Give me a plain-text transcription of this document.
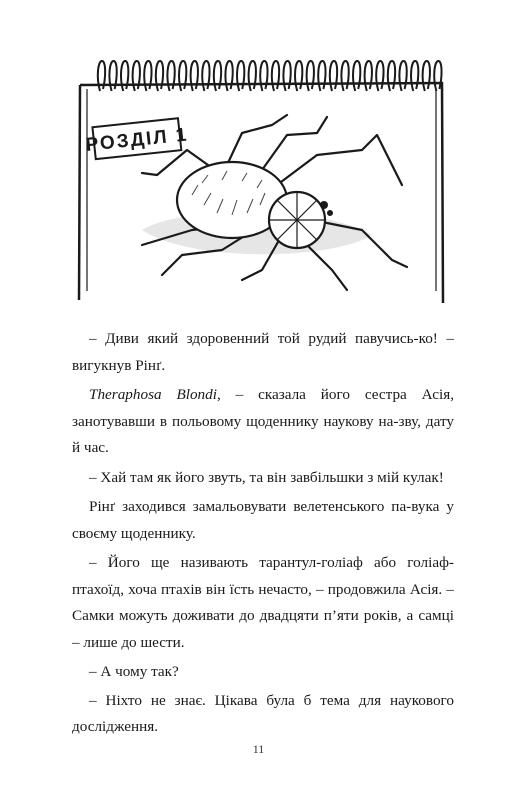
РОЗДІЛ 1

– Диви який здоровенний той рудий павучись-ко! – вигукнув Рінґ.

Theraphosa Blondi, – сказала його сестра Асія, занотувавши в польовому щоденнику наукову на-зву, дату й час.

– Хай там як його звуть, та він завбільшки з мій кулак!

Рінґ заходився замальовувати велетенського па-вука у своєму щоденнику.

– Його ще називають тарантул-голіаф або голіаф-птахоїд, хоча птахів він їсть нечасто, – продовжила Асія. – Самки можуть доживати до двадцяти п’яти років, а самці – лише до шести.

– А чому так?

– Ніхто не знає. Цікава була б тема для наукового дослідження.

11
